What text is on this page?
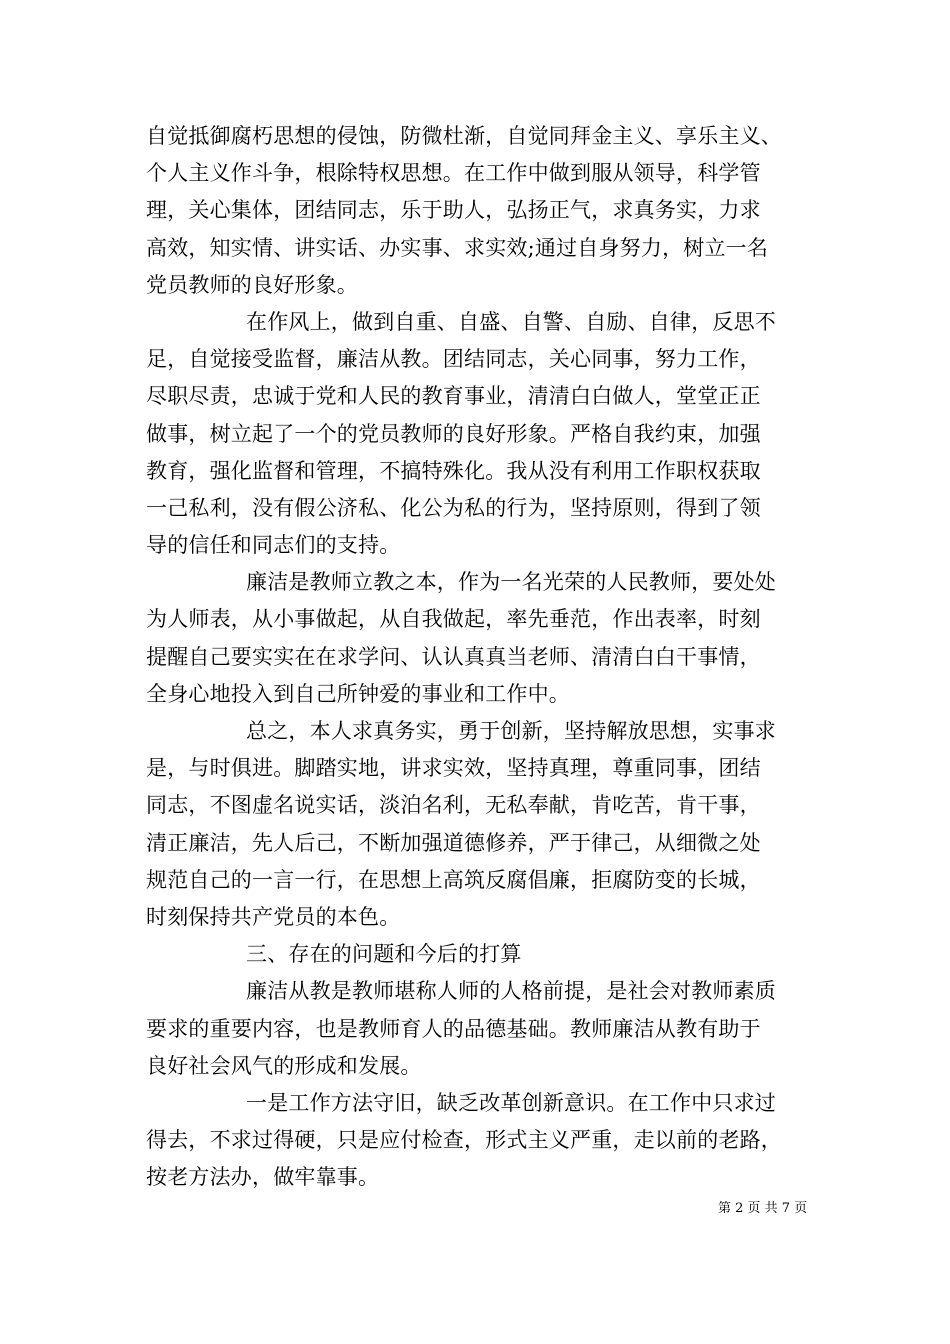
自觉抵御腐朽思想的侵蚀，防微杜渐，自觉同拜金主义、享乐主义、
个人主义作斗争，根除特权思想。在工作中做到服从领导，科学管
理，关心集体，团结同志，乐于助人，弘扬正气，求真务实，力求
高效，知实情、讲实话、办实事、求实效;通过自身努力，树立一名
党员教师的良好形象。
在作风上，做到自重、自盛、自警、自励、自律，反思不
足，自觉接受监督，廉洁从教。团结同志，关心同事，努力工作，
尽职尽责，忠诚于党和人民的教育事业，清清白白做人，堂堂正正
做事，树立起了一个的党员教师的良好形象。严格自我约束，加强
教育，强化监督和管理，不搞特殊化。我从没有利用工作职权获取
一己私利，没有假公济私、化公为私的行为，坚持原则，得到了领
导的信任和同志们的支持。
廉洁是教师立教之本，作为一名光荣的人民教师，要处处
为人师表，从小事做起，从自我做起，率先垂范，作出表率，时刻
提醒自己要实实在在求学问、认认真真当老师、清清白白干事情，
全身心地投入到自己所钟爱的事业和工作中。
总之，本人求真务实，勇于创新，坚持解放思想，实事求
是，与时俱进。脚踏实地，讲求实效，坚持真理，尊重同事，团结
同志，不图虚名说实话，淡泊名利，无私奉献，肯吃苦，肯干事，
清正廉洁，先人后己，不断加强道德修养，严于律己，从细微之处
规范自己的一言一行，在思想上高筑反腐倡廉，拒腐防变的长城，
时刻保持共产党员的本色。
三、存在的问题和今后的打算
廉洁从教是教师堪称人师的人格前提，是社会对教师素质
要求的重要内容，也是教师育人的品德基础。教师廉洁从教有助于
良好社会风气的形成和发展。
一是工作方法守旧，缺乏改革创新意识。在工作中只求过
得去，不求过得硬，只是应付检查，形式主义严重，走以前的老路，
按老方法办，做牢靠事。
第 2 页 共 7 页
